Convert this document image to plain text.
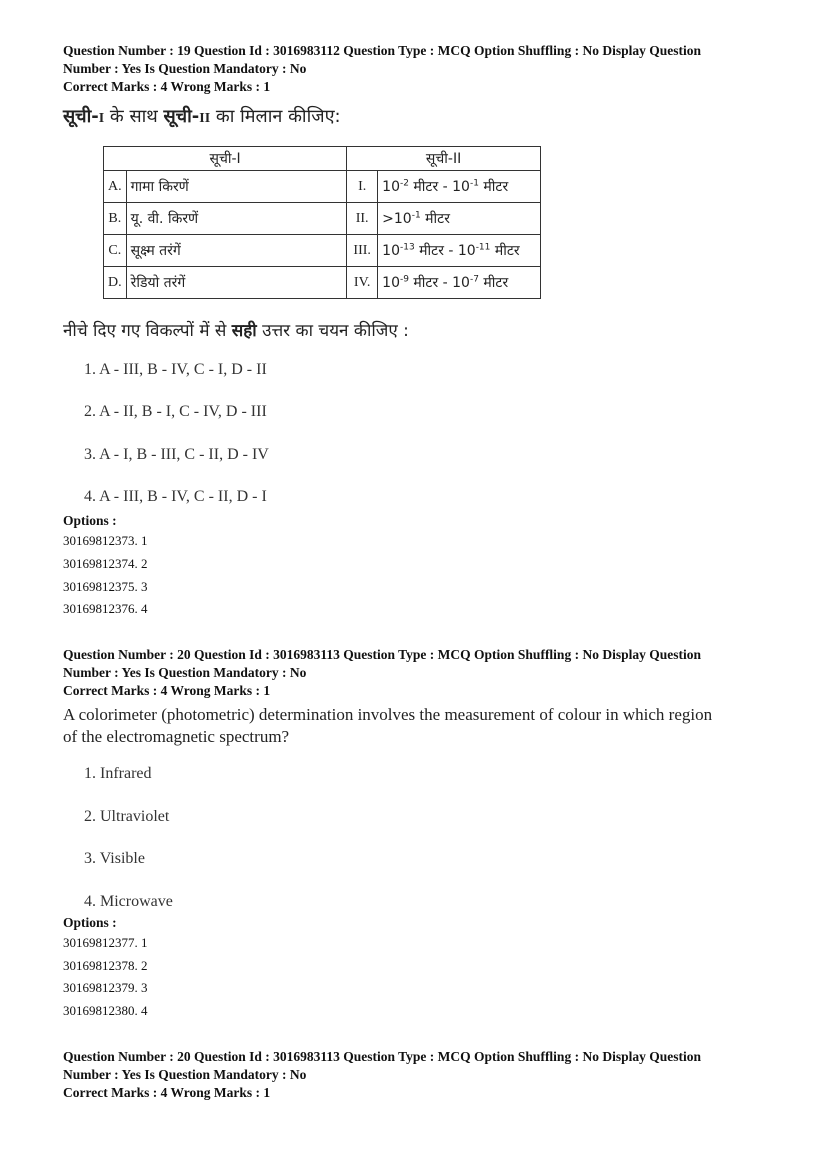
Question Number : 19 Question Id : 3016983112 Question Type : MCQ Option Shuffling : No Display Question
Number : Yes Is Question Mandatory : No
Correct Marks : 4 Wrong Marks : 1
सूची-I के साथ सूची-II का मिलान कीजिए:
सूची-I		सूची-II	
A.	गामा किरणें	I.	$10^{-2}$ मीटर - $10^{-1}$ मीटर
B.	यू. वी. किरणें	II.	$>10^{-1}$ मीटर
C.	सूक्ष्म तरंगें	III.	$10^{-13}$ मीटर - $10^{-11}$ मीटर
D.	रेडियो तरंगें	IV.	$10^{-9}$ मीटर - $10^{-7}$ मीटर
नीचे दिए गए विकल्पों में से सही उत्तर का चयन कीजिए :
1. A - III, B - IV, C - I, D - II
2. A - II, B - I, C - IV, D - III
3. A - I, B - III, C - II, D - IV
4. A - III, B - IV, C - II, D - I
Options :
30169812373. 1
30169812374. 2
30169812375. 3
30169812376. 4
Question Number : 20 Question Id : 3016983113 Question Type : MCQ Option Shuffling : No Display Question
Number : Yes Is Question Mandatory : No
Correct Marks : 4 Wrong Marks : 1
A colorimeter (photometric) determination involves the measurement of colour in which region
of the electromagnetic spectrum?
1. Infrared
2. Ultraviolet
3. Visible
4. Microwave
Options :
30169812377. 1
30169812378. 2
30169812379. 3
30169812380. 4
Question Number : 20 Question Id : 3016983113 Question Type : MCQ Option Shuffling : No Display Question
Number : Yes Is Question Mandatory : No
Correct Marks : 4 Wrong Marks : 1
